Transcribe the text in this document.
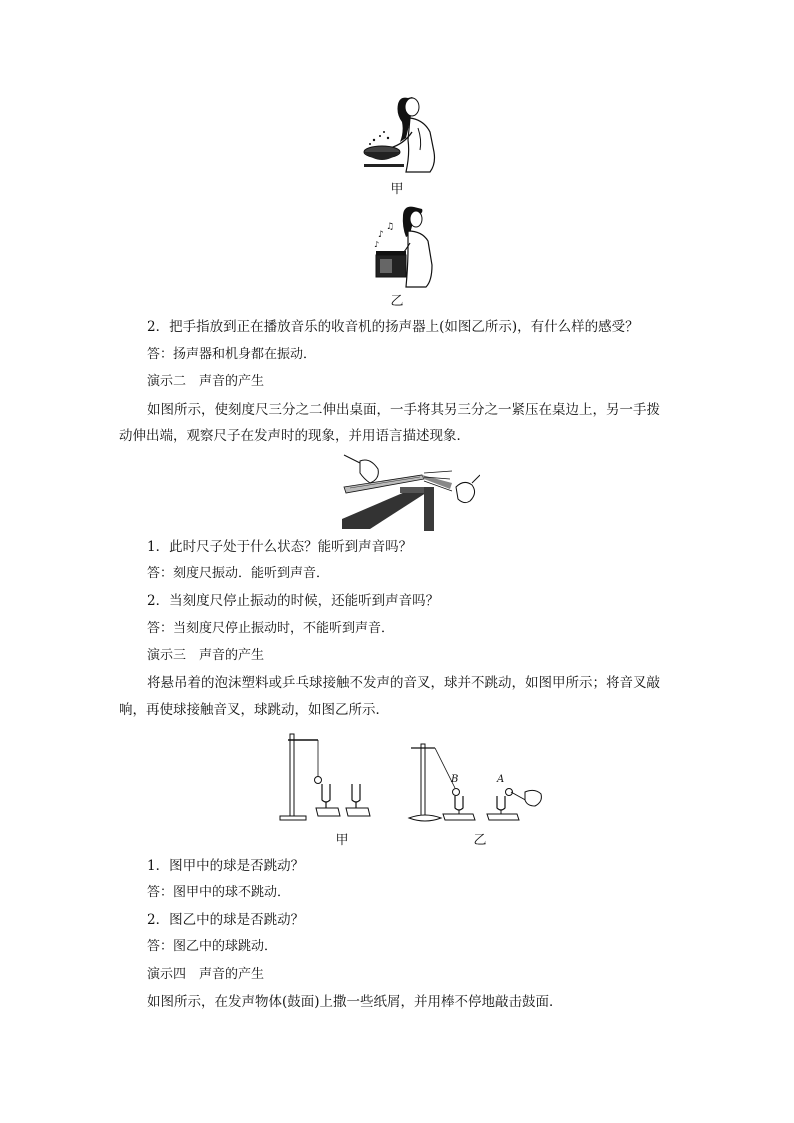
甲
♪
♫
♪
乙
2．把手指放到正在播放音乐的收音机的扬声器上(如图乙所示)，有什么样的感受？
答：扬声器和机身都在振动．
演示二　声音的产生
如图所示，使刻度尺三分之二伸出桌面，一手将其另三分之一紧压在桌边上，另一手拨
动伸出端，观察尺子在发声时的现象，并用语言描述现象．
1．此时尺子处于什么状态？能听到声音吗？
答：刻度尺振动．能听到声音．
2．当刻度尺停止振动的时候，还能听到声音吗？
答：当刻度尺停止振动时，不能听到声音．
演示三　声音的产生
将悬吊着的泡沫塑料或乒乓球接触不发声的音叉，球并不跳动，如图甲所示；将音叉敲
响，再使球接触音叉，球跳动，如图乙所示．
B	A
甲	乙
1．图甲中的球是否跳动？
答：图甲中的球不跳动．
2．图乙中的球是否跳动？
答：图乙中的球跳动．
演示四　声音的产生
如图所示，在发声物体(鼓面)上撒一些纸屑，并用棒不停地敲击鼓面．
